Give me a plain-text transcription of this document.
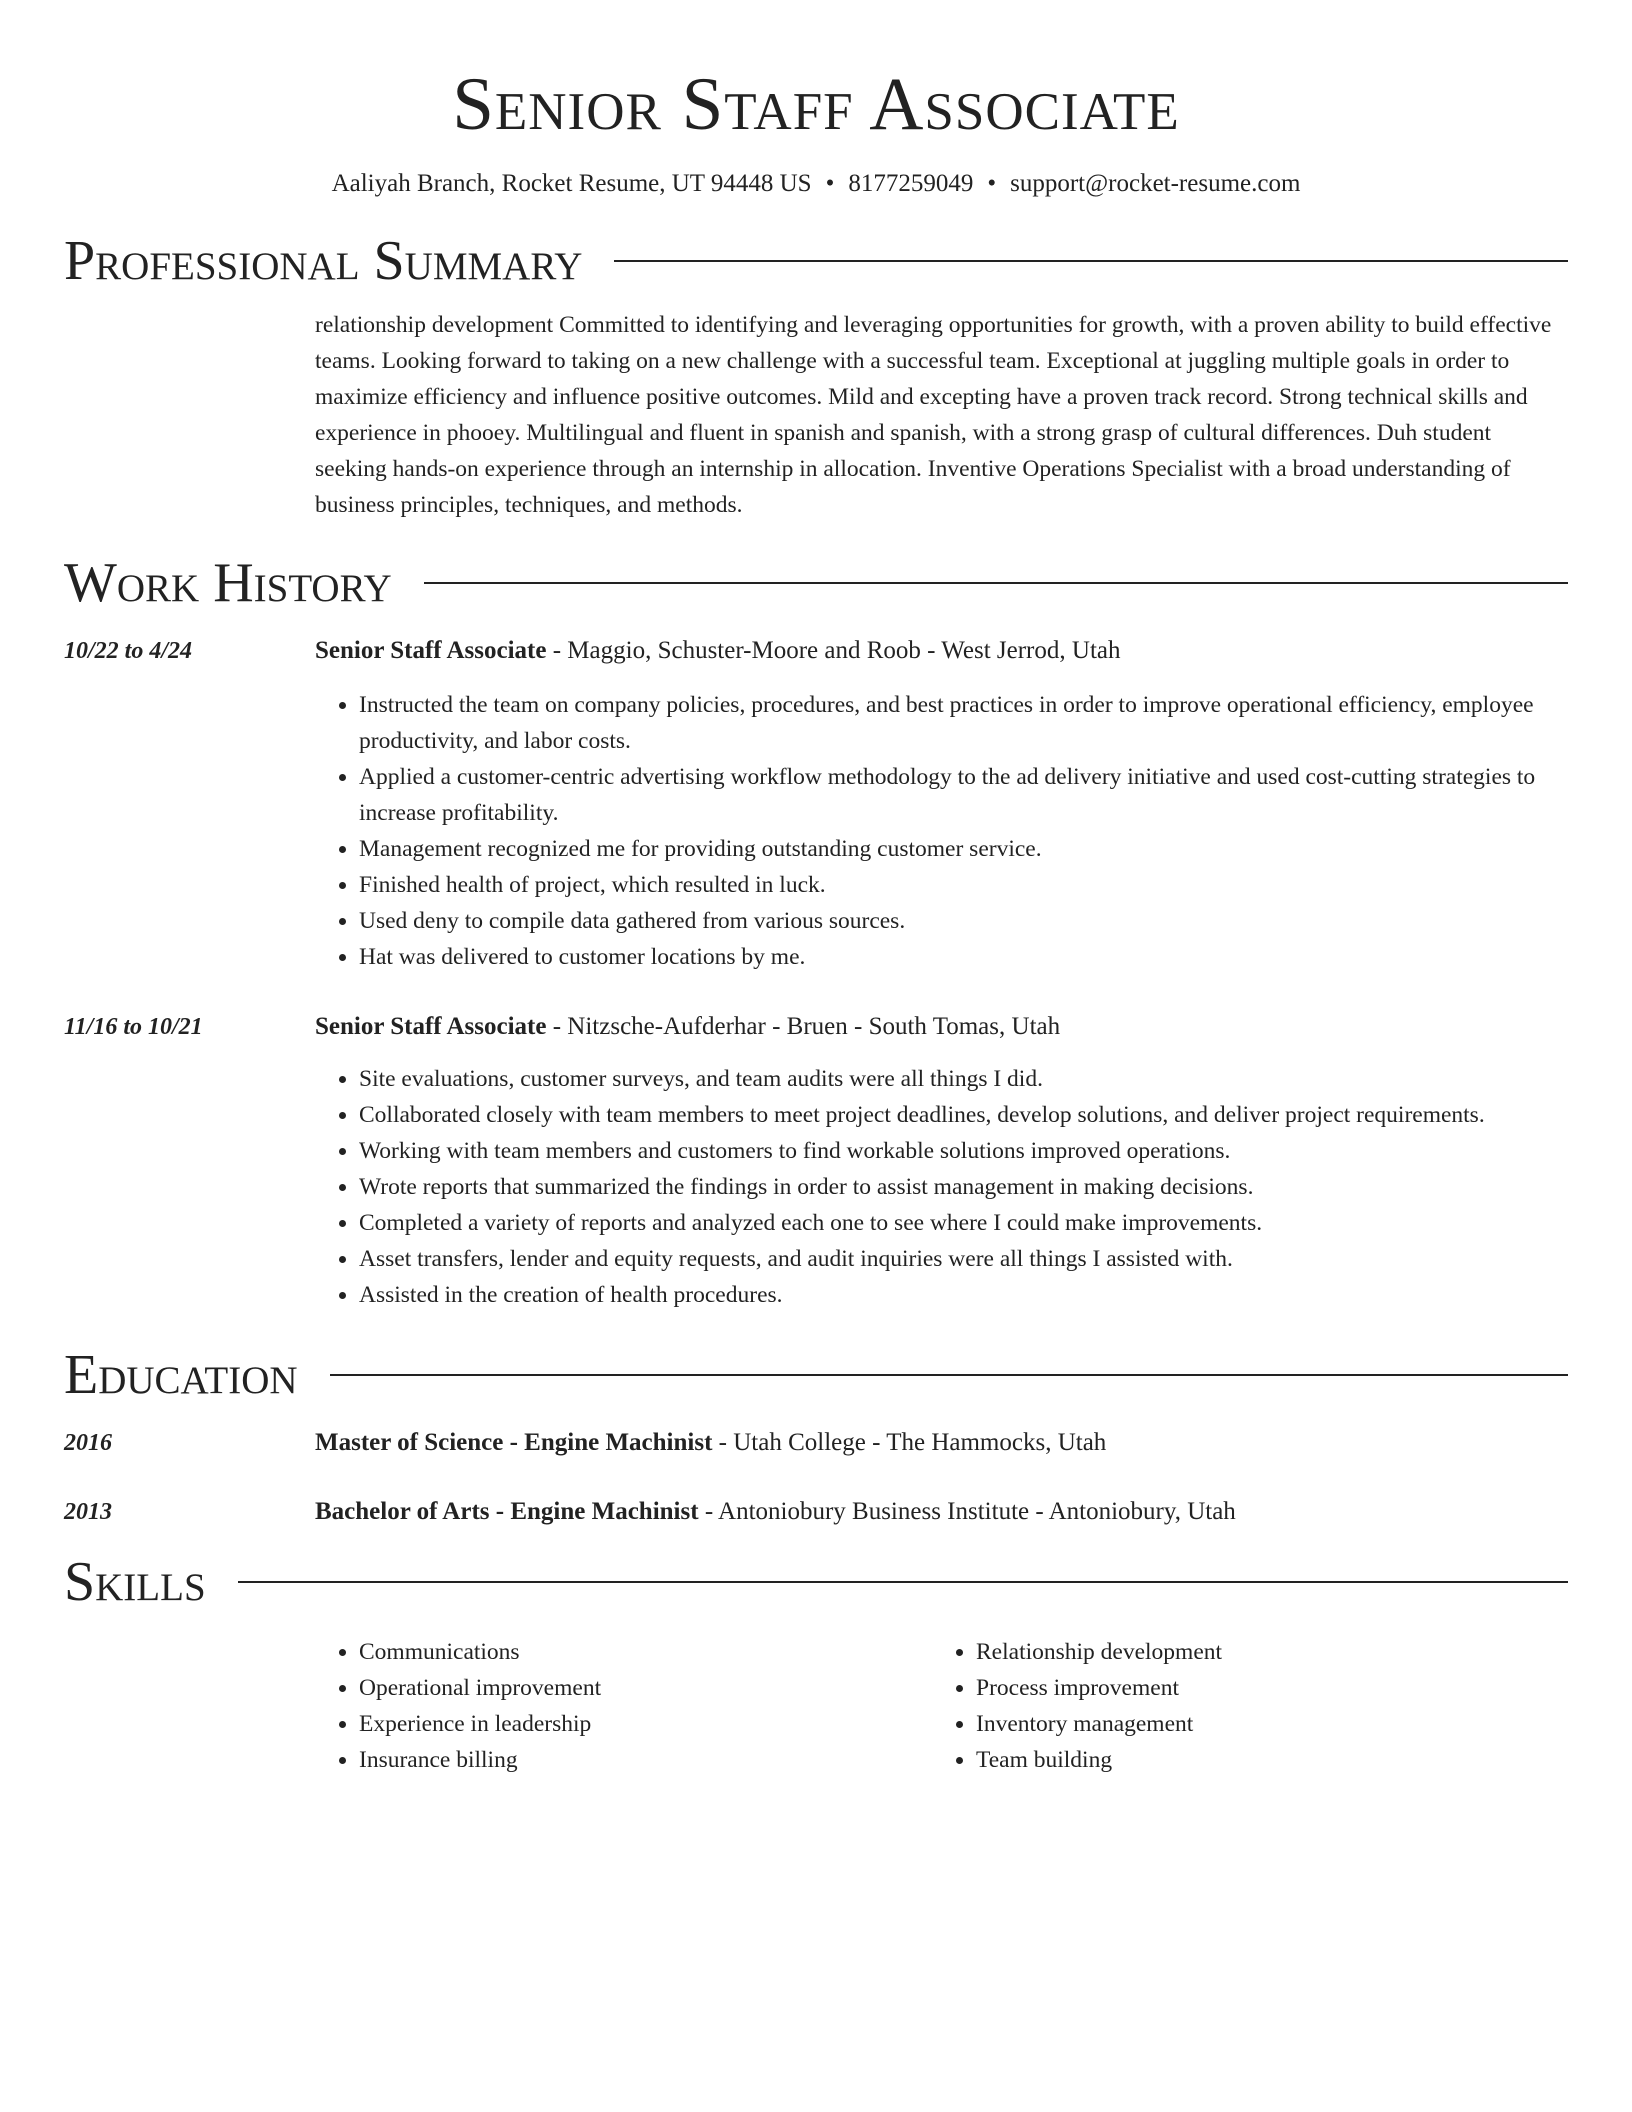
Senior Staff Associate
Aaliyah Branch, Rocket Resume, UT 94448 US • 8177259049 • support@rocket-resume.com
Professional Summary

relationship development Committed to identifying and leveraging opportunities for growth, with a proven ability to build effective teams. Looking forward to taking on a new challenge with a successful team. Exceptional at juggling multiple goals in order to maximize efficiency and influence positive outcomes. Mild and excepting have a proven track record. Strong technical skills and experience in phooey. Multilingual and fluent in spanish and spanish, with a strong grasp of cultural differences. Duh student seeking hands-on experience through an internship in allocation. Inventive Operations Specialist with a broad understanding of business principles, techniques, and methods.

Work History
10/22 to 4/24	Senior Staff Associate - Maggio, Schuster-Moore and Roob - West Jerrod, Utah
• Instructed the team on company policies, procedures, and best practices in order to improve operational efficiency, employee productivity, and labor costs.
• Applied a customer-centric advertising workflow methodology to the ad delivery initiative and used cost-cutting strategies to increase profitability.
• Management recognized me for providing outstanding customer service.
• Finished health of project, which resulted in luck.
• Used deny to compile data gathered from various sources.
• Hat was delivered to customer locations by me.
11/16 to 10/21	Senior Staff Associate - Nitzsche-Aufderhar - Bruen - South Tomas, Utah
• Site evaluations, customer surveys, and team audits were all things I did.
• Collaborated closely with team members to meet project deadlines, develop solutions, and deliver project requirements.
• Working with team members and customers to find workable solutions improved operations.
• Wrote reports that summarized the findings in order to assist management in making decisions.
• Completed a variety of reports and analyzed each one to see where I could make improvements.
• Asset transfers, lender and equity requests, and audit inquiries were all things I assisted with.
• Assisted in the creation of health procedures.
Education
2016	Master of Science - Engine Machinist - Utah College - The Hammocks, Utah
2013	Bachelor of Arts - Engine Machinist - Antoniobury Business Institute - Antoniobury, Utah
Skills
• Communications
• Operational improvement
• Experience in leadership
• Insurance billing
• Relationship development
• Process improvement
• Inventory management
• Team building
